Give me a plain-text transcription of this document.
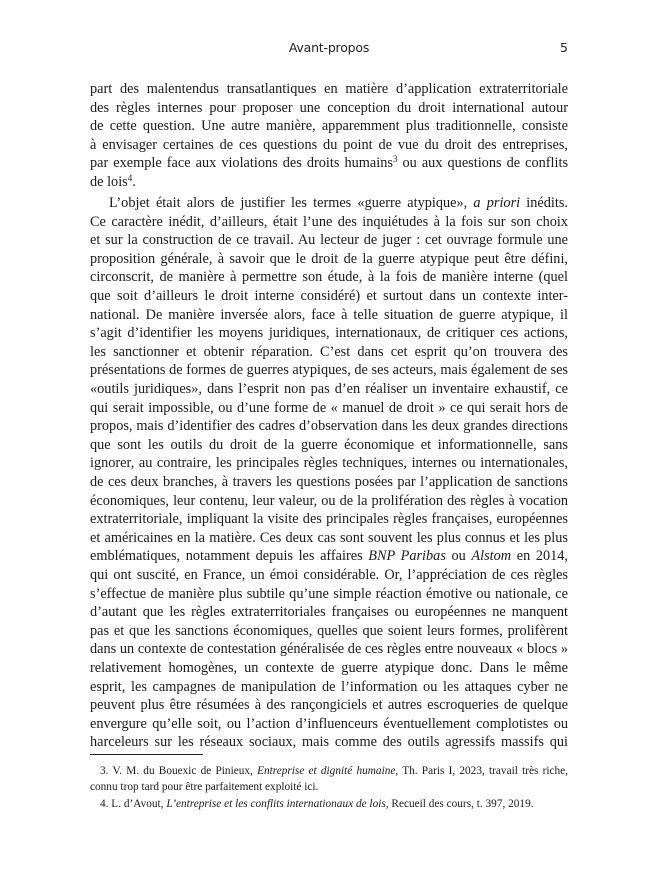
Avant-propos	5
part des malentendus transatlantiques en matière d’application extraterritoriale
des règles internes pour proposer une conception du droit international autour
de cette question. Une autre manière, apparemment plus traditionnelle, consiste
à envisager certaines de ces questions du point de vue du droit des entreprises,
par exemple face aux violations des droits humains$^3$ ou aux questions de conflits
de lois$^4$.
L’objet était alors de justifier les termes «guerre atypique», a priori inédits.
Ce caractère inédit, d’ailleurs, était l’une des inquiétudes à la fois sur son choix
et sur la construction de ce travail. Au lecteur de juger : cet ouvrage formule une
proposition générale, à savoir que le droit de la guerre atypique peut être défini,
circonscrit, de manière à permettre son étude, à la fois de manière interne (quel
que soit d’ailleurs le droit interne considéré) et surtout dans un contexte inter-
national. De manière inversée alors, face à telle situation de guerre atypique, il
s’agit d’identifier les moyens juridiques, internationaux, de critiquer ces actions,
les sanctionner et obtenir réparation. C’est dans cet esprit qu’on trouvera des
présentations de formes de guerres atypiques, de ses acteurs, mais également de ses
«outils juridiques», dans l’esprit non pas d’en réaliser un inventaire exhaustif, ce
qui serait impossible, ou d’une forme de « manuel de droit » ce qui serait hors de
propos, mais d’identifier des cadres d’observation dans les deux grandes directions
que sont les outils du droit de la guerre économique et informationnelle, sans
ignorer, au contraire, les principales règles techniques, internes ou internationales,
de ces deux branches, à travers les questions posées par l’application de sanctions
économiques, leur contenu, leur valeur, ou de la prolifération des règles à vocation
extraterritoriale, impliquant la visite des principales règles françaises, européennes
et américaines en la matière. Ces deux cas sont souvent les plus connus et les plus
emblématiques, notamment depuis les affaires BNP Paribas ou Alstom en 2014,
qui ont suscité, en France, un émoi considérable. Or, l’appréciation de ces règles
s’effectue de manière plus subtile qu’une simple réaction émotive ou nationale, ce
d’autant que les règles extraterritoriales françaises ou européennes ne manquent
pas et que les sanctions économiques, quelles que soient leurs formes, prolifèrent
dans un contexte de contestation généralisée de ces règles entre nouveaux « blocs »
relativement homogènes, un contexte de guerre atypique donc. Dans le même
esprit, les campagnes de manipulation de l’information ou les attaques cyber ne
peuvent plus être résumées à des rançongiciels et autres escroqueries de quelque
envergure qu’elle soit, ou l’action d’influenceurs éventuellement complotistes ou
harceleurs sur les réseaux sociaux, mais comme des outils agressifs massifs qui
3. V. M. du Bouexic de Pinieux, Entreprise et dignité humaine, Th. Paris I, 2023, travail très riche,
connu trop tard pour être parfaitement exploité ici.
4. L. d’Avout, L’entreprise et les conflits internationaux de lois, Recueil des cours, t. 397, 2019.
